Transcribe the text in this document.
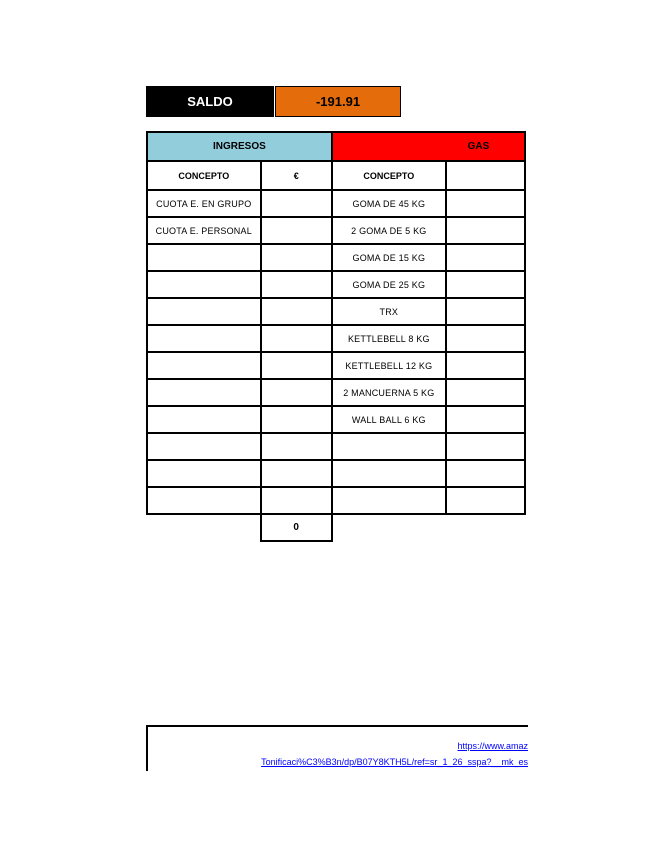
SALDO	-191.91
INGRESOS		GAS	
CONCEPTO	€	CONCEPTO	
CUOTA E. EN GRUPO		GOMA DE 45 KG	
CUOTA E. PERSONAL		2 GOMA DE 5 KG	
		GOMA DE 15 KG	
		GOMA DE 25 KG	
		TRX	
		KETTLEBELL 8 KG	
		KETTLEBELL 12 KG	
		2 MANCUERNA 5 KG	
		WALL BALL 6 KG	

	0		
https://www.amaz
Tonificaci%C3%B3n/dp/B07Y8KTH5L/ref=sr_1_26_sspa?__mk_es
